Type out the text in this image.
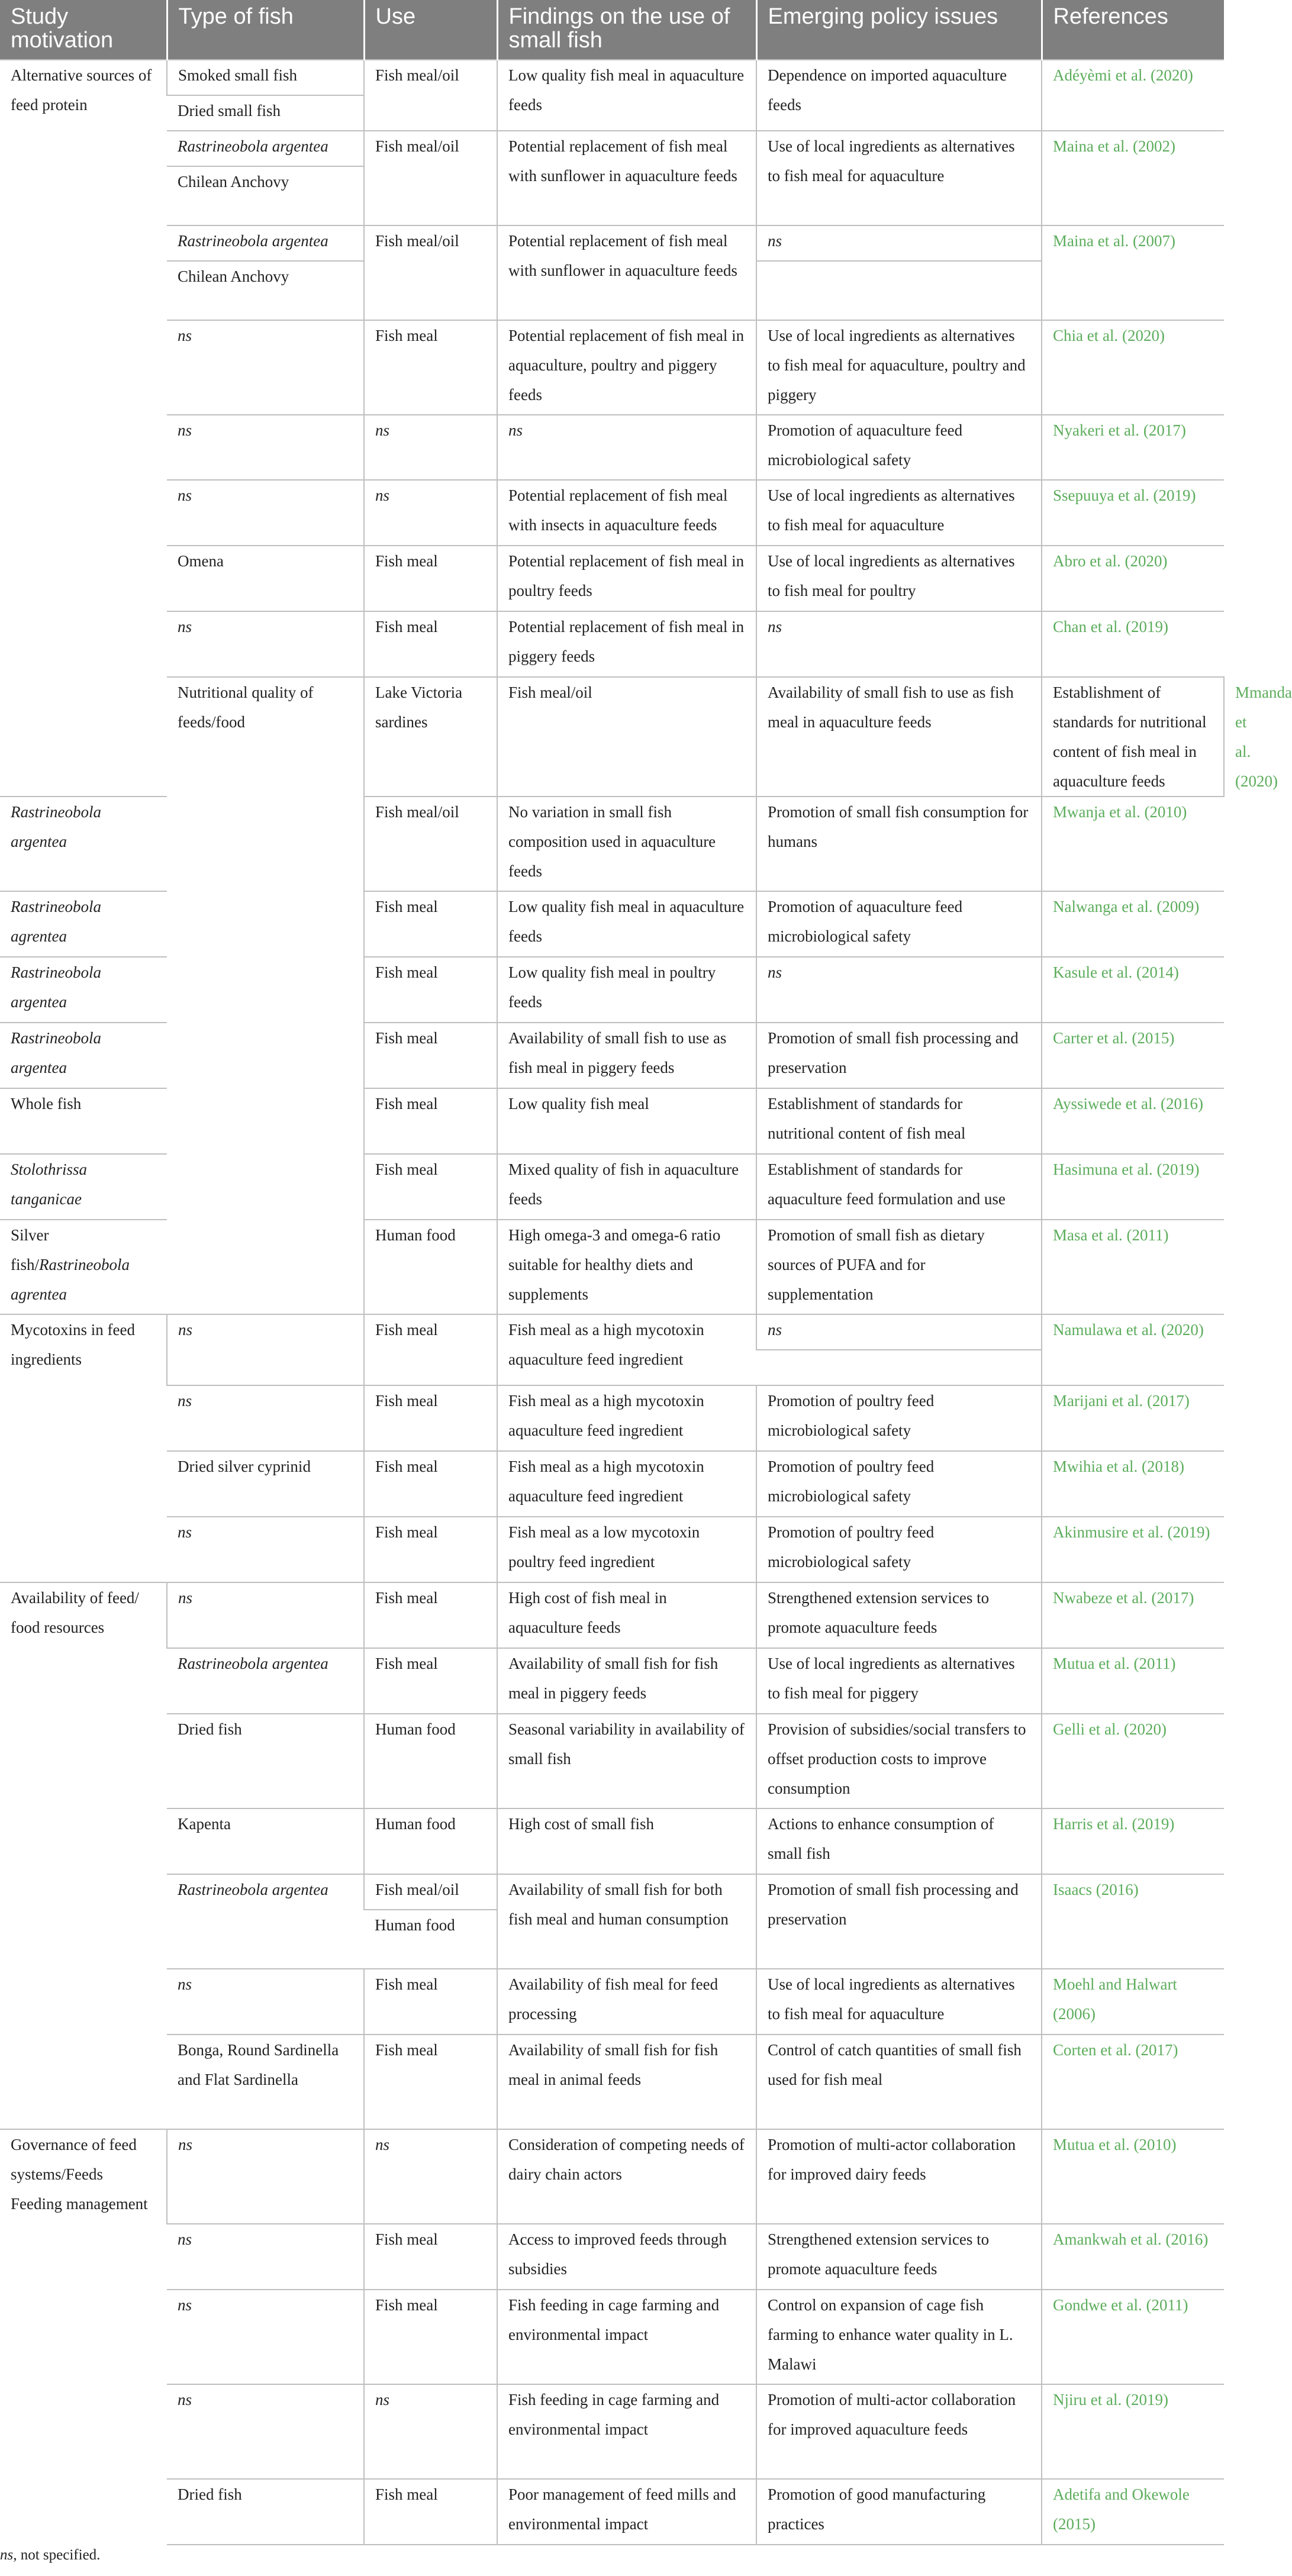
Study motivation	Type of fish	Use	Findings on the use of small fish	Emerging policy issues	References	
Alternative sources of feed protein	Smoked small fish	Fish meal/oil	Low quality fish meal in aquaculture feeds	Dependence on imported aquaculture feeds	Adéyèmi et al. (2020)	
	Dried small fish					
	Rastrineobola argentea	Fish meal/oil	Potential replacement of fish meal with sunflower in aquaculture feeds	Use of local ingredients as alternatives to fish meal for aquaculture	Maina et al. (2002)	
	Chilean Anchovy					
	Rastrineobola argentea	Fish meal/oil	Potential replacement of fish meal with sunflower in aquaculture feeds	ns	Maina et al. (2007)	
	Chilean Anchovy					
	ns	Fish meal	Potential replacement of fish meal in aquaculture, poultry and piggery feeds	Use of local ingredients as alternatives to fish meal for aquaculture, poultry and piggery	Chia et al. (2020)	
	ns	ns	ns	Promotion of aquaculture feed microbiological safety	Nyakeri et al. (2017)	
	ns	ns	Potential replacement of fish meal with insects in aquaculture feeds	Use of local ingredients as alternatives to fish meal for aquaculture	Ssepuuya et al. (2019)	
	Omena	Fish meal	Potential replacement of fish meal in poultry feeds	Use of local ingredients as alternatives to fish meal for poultry	Abro et al. (2020)	
	ns	Fish meal	Potential replacement of fish meal in piggery feeds	ns	Chan et al. (2019)	
	Nutritional quality of feeds/food	Lake Victoria sardines	Fish meal/oil	Availability of small fish to use as fish meal in aquaculture feeds	Establishment of standards for nutritional content of fish meal in aquaculture feeds	Mmanda et al. (2020)
Rastrineobola argentea		Fish meal/oil	No variation in small fish composition used in aquaculture feeds	Promotion of small fish consumption for humans	Mwanja et al. (2010)	
Rastrineobola agrentea		Fish meal	Low quality fish meal in aquaculture feeds	Promotion of aquaculture feed microbiological safety	Nalwanga et al. (2009)	
Rastrineobola argentea		Fish meal	Low quality fish meal in poultry feeds	ns	Kasule et al. (2014)	
Rastrineobola argentea		Fish meal	Availability of small fish to use as fish meal in piggery feeds	Promotion of small fish processing and preservation	Carter et al. (2015)	
Whole fish		Fish meal	Low quality fish meal	Establishment of standards for nutritional content of fish meal	Ayssiwede et al. (2016)	
Stolothrissa tanganicae		Fish meal	Mixed quality of fish in aquaculture feeds	Establishment of standards for aquaculture feed formulation and use	Hasimuna et al. (2019)	
Silver fish/Rastrineobola agrentea		Human food	High omega-3 and omega-6 ratio suitable for healthy diets and supplements	Promotion of small fish as dietary sources of PUFA and for supplementation	Masa et al. (2011)	
Mycotoxins in feed ingredients	ns	Fish meal	Fish meal as a high mycotoxin aquaculture feed ingredient	ns	Namulawa et al. (2020)	

	ns	Fish meal	Fish meal as a high mycotoxin aquaculture feed ingredient	Promotion of poultry feed microbiological safety	Marijani et al. (2017)	
	Dried silver cyprinid	Fish meal	Fish meal as a high mycotoxin aquaculture feed ingredient	Promotion of poultry feed microbiological safety	Mwihia et al. (2018)	
	ns	Fish meal	Fish meal as a low mycotoxin poultry feed ingredient	Promotion of poultry feed microbiological safety	Akinmusire et al. (2019)	
Availability of feed/ food resources	ns	Fish meal	High cost of fish meal in aquaculture feeds	Strengthened extension services to promote aquaculture feeds	Nwabeze et al. (2017)	
	Rastrineobola argentea	Fish meal	Availability of small fish for fish meal in piggery feeds	Use of local ingredients as alternatives to fish meal for piggery	Mutua et al. (2011)	
	Dried fish	Human food	Seasonal variability in availability of small fish	Provision of subsidies/social transfers to offset production costs to improve consumption	Gelli et al. (2020)	
	Kapenta	Human food	High cost of small fish	Actions to enhance consumption of small fish	Harris et al. (2019)	
	Rastrineobola argentea	Fish meal/oil	Availability of small fish for both fish meal and human consumption	Promotion of small fish processing and preservation	Isaacs (2016)	
		Human food				
	ns	Fish meal	Availability of fish meal for feed processing	Use of local ingredients as alternatives to fish meal for aquaculture	Moehl and Halwart (2006)	
	Bonga, Round Sardinella and Flat Sardinella	Fish meal	Availability of small fish for fish meal in animal feeds	Control of catch quantities of small fish used for fish meal	Corten et al. (2017)	
Governance of feed systems/Feeds Feeding management	ns	ns	Consideration of competing needs of dairy chain actors	Promotion of multi-actor collaboration for improved dairy feeds	Mutua et al. (2010)	
	ns	Fish meal	Access to improved feeds through subsidies	Strengthened extension services to promote aquaculture feeds	Amankwah et al. (2016)	
	ns	Fish meal	Fish feeding in cage farming and environmental impact	Control on expansion of cage fish farming to enhance water quality in L. Malawi	Gondwe et al. (2011)	
	ns	ns	Fish feeding in cage farming and environmental impact	Promotion of multi-actor collaboration for improved aquaculture feeds	Njiru et al. (2019)	
	Dried fish	Fish meal	Poor management of feed mills and environmental impact	Promotion of good manufacturing practices	Adetifa and Okewole (2015)	
ns, not specified.
